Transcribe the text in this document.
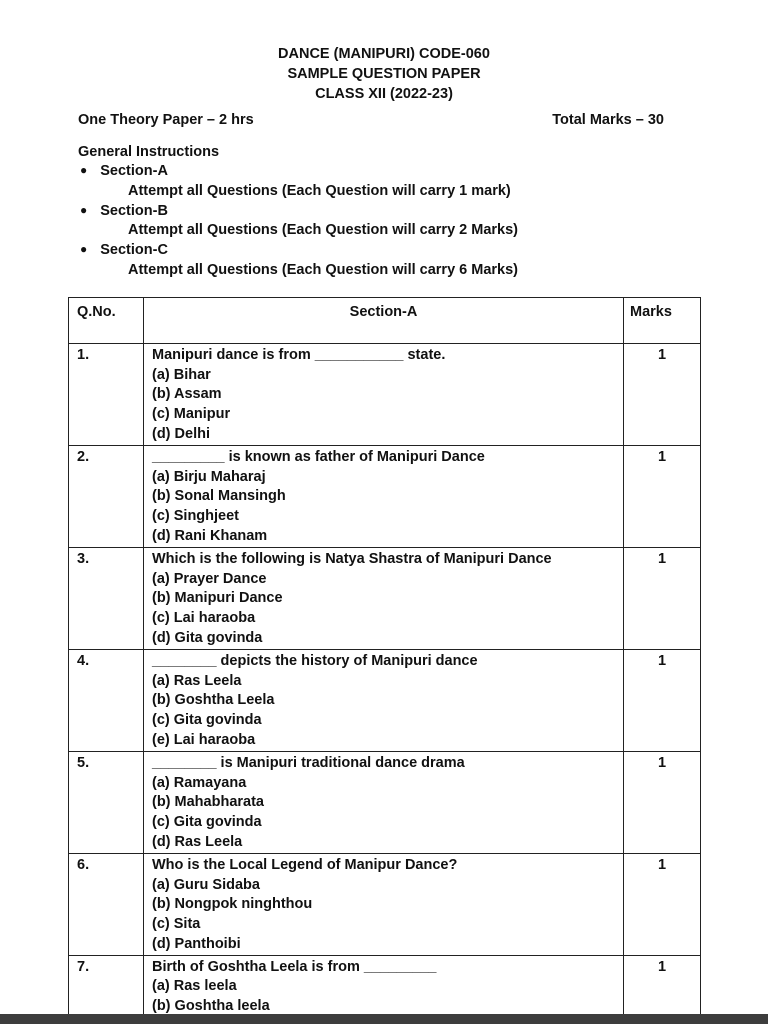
DANCE (MANIPURI) CODE-060
SAMPLE QUESTION PAPER
CLASS XII (2022-23)
One Theory Paper – 2 hrs	Total Marks – 30
General Instructions
● Section-A
Attempt all Questions (Each Question will carry 1 mark)
● Section-B
Attempt all Questions (Each Question will carry 2 Marks)
● Section-C
Attempt all Questions (Each Question will carry 6 Marks)
Q.No.	Section-A	Marks
1.	Manipuri dance is from ___________ state.
(a) Bihar
(b) Assam
(c) Manipur
(d) Delhi	1
2.	_________ is known as father of Manipuri Dance
(a) Birju Maharaj
(b) Sonal Mansingh
(c) Singhjeet
(d) Rani Khanam	1
3.	Which is the following is Natya Shastra of Manipuri Dance
(a) Prayer Dance
(b) Manipuri Dance
(c) Lai haraoba
(d) Gita govinda	1
4.	________ depicts the history of Manipuri dance
(a) Ras Leela
(b) Goshtha Leela
(c) Gita govinda
(e) Lai haraoba	1
5.	________ is Manipuri traditional dance drama
(a) Ramayana
(b) Mahabharata
(c) Gita govinda
(d) Ras Leela	1
6.	Who is the Local Legend of Manipur Dance?
(a) Guru Sidaba
(b) Nongpok ninghthou
(c) Sita
(d) Panthoibi	1
7.	Birth of Goshtha Leela is from _________
(a) Ras leela
(b) Goshtha leela	1
